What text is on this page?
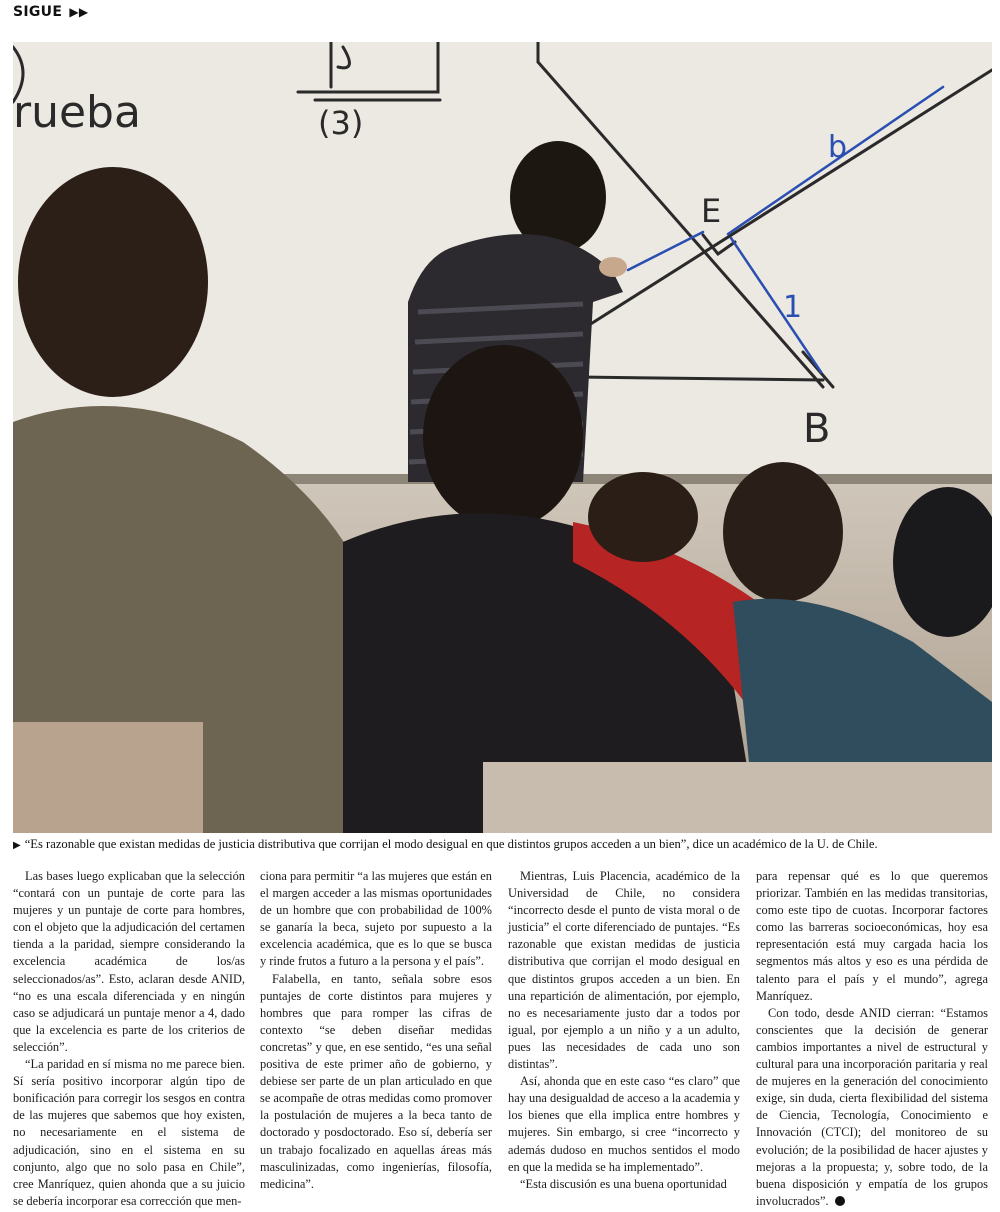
SIGUE ▶▶
rueba	(3)
E
B
b
1
▶ “Es razonable que existan medidas de justicia distributiva que corrijan el modo desigual en que distintos grupos acceden a un bien”, dice un académico de la U. de Chile.

Las bases luego explicaban que la selección “contará con un puntaje de corte para las mujeres y un puntaje de corte para hombres, con el objeto que la adjudicación del certamen tienda a la paridad, siempre considerando la excelencia académica de los/as seleccionados/as”. Esto, aclaran desde ANID, “no es una escala diferenciada y en ningún caso se adjudicará un puntaje menor a 4, dado que la excelencia es parte de los criterios de selección”.

“La paridad en sí misma no me parece bien. Sí sería positivo incorporar algún tipo de bonificación para corregir los sesgos en contra de las mujeres que sabemos que hoy existen, no necesariamente en el sistema de adjudicación, sino en el sistema en su conjunto, algo que no solo pasa en Chile”, cree Manríquez, quien ahonda que a su juicio se debería incorporar esa corrección que men-

ciona para permitir “a las mujeres que están en el margen acceder a las mismas oportunidades de un hombre que con probabilidad de 100% se ganaría la beca, sujeto por supuesto a la excelencia académica, que es lo que se busca y rinde frutos a futuro a la persona y el país”.

Falabella, en tanto, señala sobre esos puntajes de corte distintos para mujeres y hombres que para romper las cifras de contexto “se deben diseñar medidas concretas” y que, en ese sentido, “es una señal positiva de este primer año de gobierno, y debiese ser parte de un plan articulado en que se acompañe de otras medidas como promover la postulación de mujeres a la beca tanto de doctorado y posdoctorado. Eso sí, debería ser un trabajo focalizado en aquellas áreas más masculinizadas, como ingenierías, filosofía, medicina”.

Mientras, Luis Placencia, académico de la Universidad de Chile, no considera “incorrecto desde el punto de vista moral o de justicia” el corte diferenciado de puntajes. “Es razonable que existan medidas de justicia distributiva que corrijan el modo desigual en que distintos grupos acceden a un bien. En una repartición de alimentación, por ejemplo, no es necesariamente justo dar a todos por igual, por ejemplo a un niño y a un adulto, pues las necesidades de cada uno son distintas”.

Así, ahonda que en este caso “es claro” que hay una desigualdad de acceso a la academia y los bienes que ella implica entre hombres y mujeres. Sin embargo, si cree “incorrecto y además dudoso en muchos sentidos el modo en que la medida se ha implementado”.

“Esta discusión es una buena oportunidad

para repensar qué es lo que queremos priorizar. También en las medidas transitorias, como este tipo de cuotas. Incorporar factores como las barreras socioeconómicas, hoy esa representación está muy cargada hacia los segmentos más altos y eso es una pérdida de talento para el país y el mundo”, agrega Manríquez.

Con todo, desde ANID cierran: “Estamos conscientes que la decisión de generar cambios importantes a nivel de estructural y cultural para una incorporación paritaria y real de mujeres en la generación del conocimiento exige, sin duda, cierta flexibilidad del sistema de Ciencia, Tecnología, Conocimiento e Innovación (CTCI); del monitoreo de su evolución; de la posibilidad de hacer ajustes y mejoras a la propuesta; y, sobre todo, de la buena disposición y empatía de los grupos involucrados”.
